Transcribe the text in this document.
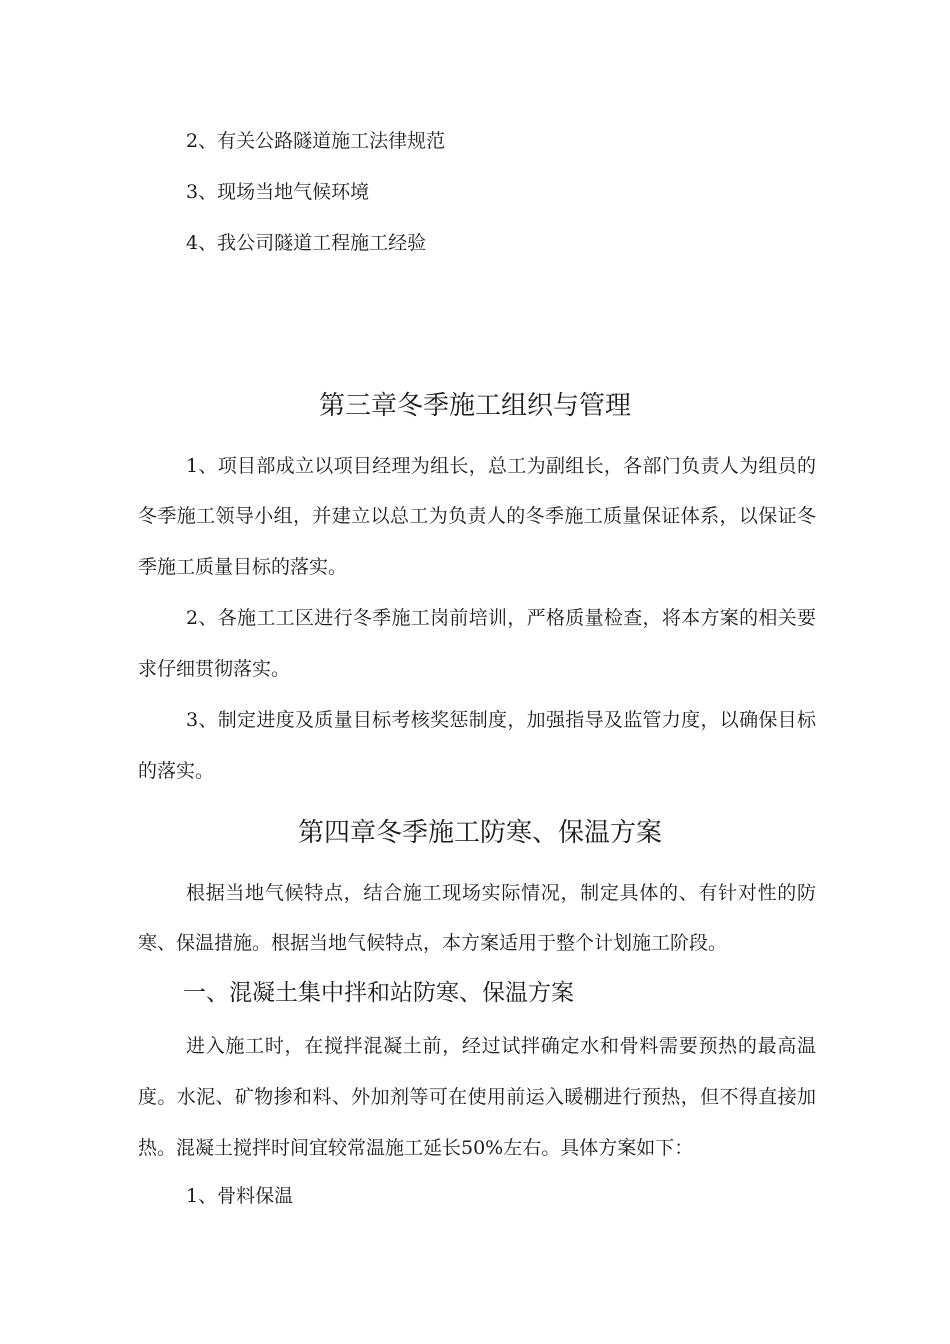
2、有关公路隧道施工法律规范
3、现场当地气候环境
4、我公司隧道工程施工经验
第三章冬季施工组织与管理
1、项目部成立以项目经理为组长，总工为副组长，各部门负责人为组员的
冬季施工领导小组，并建立以总工为负责人的冬季施工质量保证体系，以保证冬
季施工质量目标的落实。
2、各施工工区进行冬季施工岗前培训，严格质量检查，将本方案的相关要
求仔细贯彻落实。
3、制定进度及质量目标考核奖惩制度，加强指导及监管力度，以确保目标
的落实。
第四章冬季施工防寒、保温方案
根据当地气候特点，结合施工现场实际情况，制定具体的、有针对性的防
寒、保温措施。根据当地气候特点，本方案适用于整个计划施工阶段。
一、混凝土集中拌和站防寒、保温方案
进入施工时，在搅拌混凝土前，经过试拌确定水和骨料需要预热的最高温
度。水泥、矿物掺和料、外加剂等可在使用前运入暖棚进行预热，但不得直接加
热。混凝土搅拌时间宜较常温施工延长50%左右。具体方案如下：
1、骨料保温
